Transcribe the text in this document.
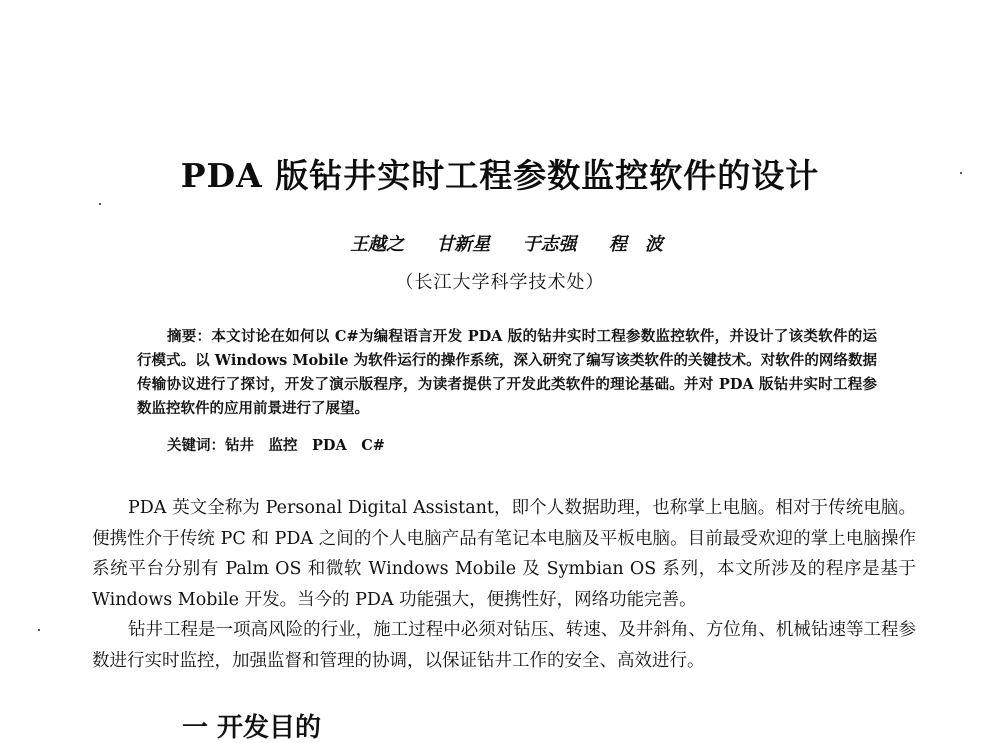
PDA 版钻井实时工程参数监控软件的设计
王越之 甘新星 于志强 程　波
（长江大学科学技术处）
摘要：本文讨论在如何以 C#为编程语言开发 PDA 版的钻井实时工程参数监控软件，并设计了该类软件的运行模式。以 Windows Mobile 为软件运行的操作系统，深入研究了编写该类软件的关键技术。对软件的网络数据传输协议进行了探讨，开发了演示版程序，为读者提供了开发此类软件的理论基础。并对 PDA 版钻井实时工程参数监控软件的应用前景进行了展望。
关键词：钻井　监控　PDA　C#

PDA 英文全称为 Personal Digital Assistant，即个人数据助理，也称掌上电脑。相对于传统电脑。便携性介于传统 PC 和 PDA 之间的个人电脑产品有笔记本电脑及平板电脑。目前最受欢迎的掌上电脑操作系统平台分别有 Palm OS 和微软 Windows Mobile 及 Symbian OS 系列，本文所涉及的程序是基于 Windows Mobile 开发。当今的 PDA 功能强大，便携性好，网络功能完善。

钻井工程是一项高风险的行业，施工过程中必须对钻压、转速、及井斜角、方位角、机械钻速等工程参数进行实时监控，加强监督和管理的协调，以保证钻井工作的安全、高效进行。

一 开发目的
